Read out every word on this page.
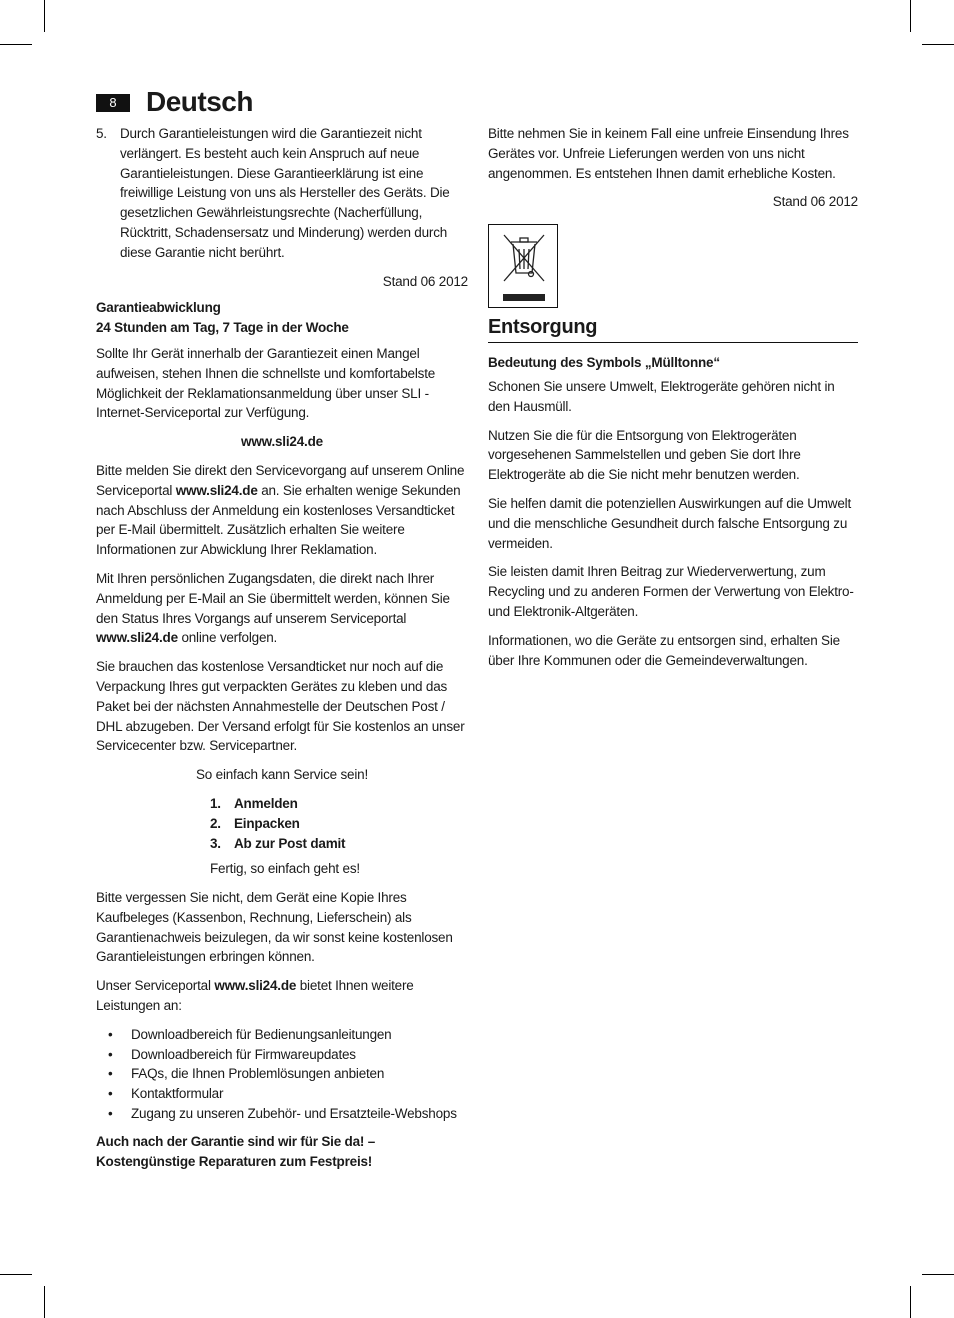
8	Deutsch
5. Durch Garantieleistungen wird die Garantiezeit nicht verlängert. Es besteht auch kein Anspruch auf neue Garantieleistungen. Diese Garantieerklärung ist eine freiwillige Leistung von uns als Hersteller des Geräts. Die gesetzlichen Gewährleistungsrechte (Nacherfüllung, Rücktritt, Schadensersatz und Minderung) werden durch diese Garantie nicht berührt.

Stand 06 2012

Garantieabwicklung

24 Stunden am Tag, 7 Tage in der Woche

Sollte Ihr Gerät innerhalb der Garantiezeit einen Mangel aufweisen, stehen Ihnen die schnellste und komfortabelste Möglichkeit der Reklamationsanmeldung über unser SLI - Internet-Serviceportal zur Verfügung.

www.sli24.de

Bitte melden Sie direkt den Servicevorgang auf unserem Online Serviceportal www.sli24.de an. Sie erhalten wenige Sekunden nach Abschluss der Anmeldung ein kostenloses Versandticket per E-Mail übermittelt. Zusätzlich erhalten Sie weitere Informationen zur Abwicklung Ihrer Reklamation.

Mit Ihren persönlichen Zugangsdaten, die direkt nach Ihrer Anmeldung per E-Mail an Sie übermittelt werden, können Sie den Status Ihres Vorgangs auf unserem Serviceportal www.sli24.de online verfolgen.

Sie brauchen das kostenlose Versandticket nur noch auf die Verpackung Ihres gut verpackten Gerätes zu kleben und das Paket bei der nächsten Annahmestelle der Deutschen Post / DHL abzugeben. Der Versand erfolgt für Sie kostenlos an unser Servicecenter bzw. Servicepartner.

So einfach kann Service sein!

1. Anmelden
2. Einpacken
3. Ab zur Post damit

Fertig, so einfach geht es!

Bitte vergessen Sie nicht, dem Gerät eine Kopie Ihres Kaufbeleges (Kassenbon, Rechnung, Lieferschein) als Garantienachweis beizulegen, da wir sonst keine kostenlosen Garantieleistungen erbringen können.

Unser Serviceportal www.sli24.de bietet Ihnen weitere Leistungen an:

•	Downloadbereich für Bedienungsanleitungen
•	Downloadbereich für Firmwareupdates
•	FAQs, die Ihnen Problemlösungen anbieten
•	Kontaktformular
•	Zugang zu unseren Zubehör- und Ersatzteile-Webshops

Auch nach der Garantie sind wir für Sie da! – Kostengünstige Reparaturen zum Festpreis!

Bitte nehmen Sie in keinem Fall eine unfreie Einsendung Ihres Gerätes vor. Unfreie Lieferungen werden von uns nicht angenommen. Es entstehen Ihnen damit erhebliche Kosten.

Stand 06 2012

Entsorgung

Bedeutung des Symbols „Mülltonne“

Schonen Sie unsere Umwelt, Elektrogeräte gehören nicht in den Hausmüll.

Nutzen Sie die für die Entsorgung von Elektrogeräten vorgesehenen Sammelstellen und geben Sie dort Ihre Elektrogeräte ab die Sie nicht mehr benutzen werden.

Sie helfen damit die potenziellen Auswirkungen auf die Umwelt und die menschliche Gesundheit durch falsche Entsorgung zu vermeiden.

Sie leisten damit Ihren Beitrag zur Wiederverwertung, zum Recycling und zu anderen Formen der Verwertung von Elektro- und Elektronik-Altgeräten.

Informationen, wo die Geräte zu entsorgen sind, erhalten Sie über Ihre Kommunen oder die Gemeindeverwaltungen.
